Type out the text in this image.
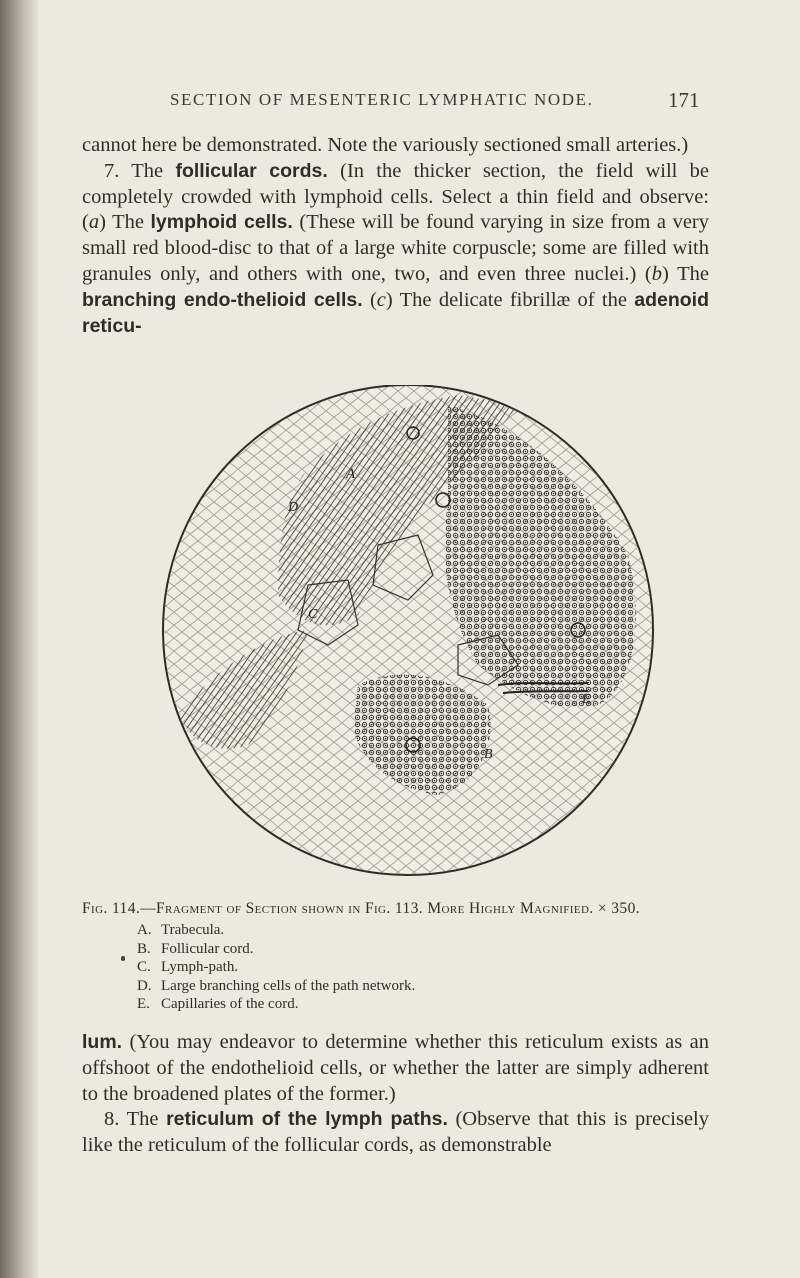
SECTION OF MESENTERIC LYMPHATIC NODE.	171

cannot here be demonstrated. Note the variously sectioned small arteries.)

7. The follicular cords. (In the thicker section, the field will be completely crowded with lymphoid cells. Select a thin field and observe: (a) The lymphoid cells. (These will be found varying in size from a very small red blood-disc to that of a large white corpuscle; some are filled with granules only, and others with one, two, and even three nuclei.) (b) The branching endo-thelioid cells. (c) The delicate fibrillæ of the adenoid reticu-

A
B
C
D
E
Fig. 114.—Fragment of Section shown in Fig. 113. More Highly Magnified. × 350.
A. Trabecula.
B. Follicular cord.
C. Lymph-path.
D. Large branching cells of the path network.
E. Capillaries of the cord.

lum. (You may endeavor to determine whether this reticulum exists as an offshoot of the endothelioid cells, or whether the latter are simply adherent to the broadened plates of the former.)

8. The reticulum of the lymph paths. (Observe that this is precisely like the reticulum of the follicular cords, as demonstrable
